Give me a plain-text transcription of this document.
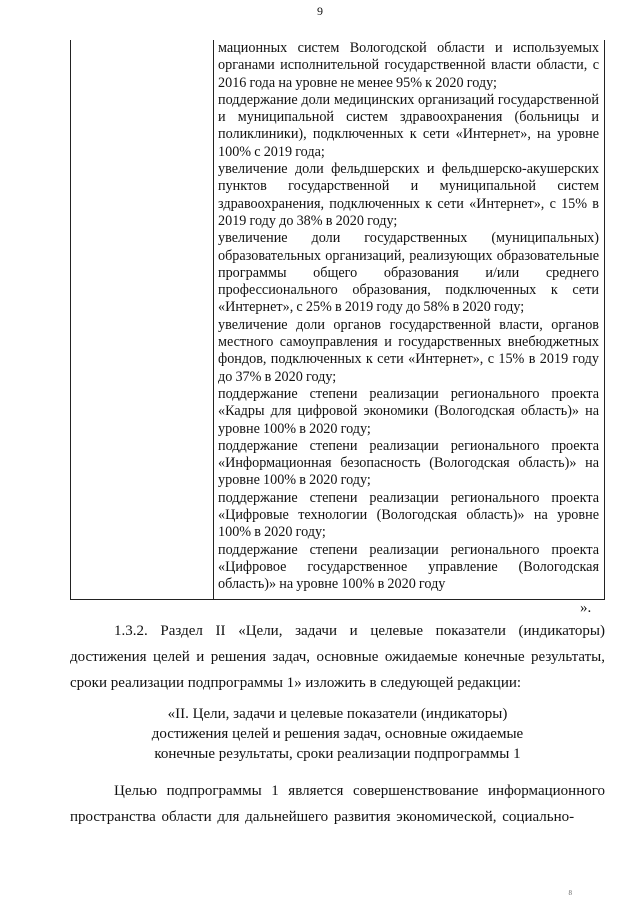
9

мационных систем Вологодской области и используемых органами исполнительной государственной власти области, с 2016 года на уровне не менее 95% к 2020 году;

поддержание доли медицинских организаций государственной и муниципальной систем здравоохранения (больницы и поликлиники), подключенных к сети «Интернет», на уровне 100% с 2019 года;

увеличение доли фельдшерских и фельдшерско-акушерских пунктов государственной и муниципальной систем здравоохранения, подключенных к сети «Интернет», с 15% в 2019 году до 38% в 2020 году;

увеличение доли государственных (муниципальных) образовательных организаций, реализующих образовательные программы общего образования и/или среднего профессионального образования, подключенных к сети «Интернет», с 25% в 2019 году до 58% в 2020 году;

увеличение доли органов государственной власти, органов местного самоуправления и государственных внебюджетных фондов, подключенных к сети «Интернет», с 15% в 2019 году до 37% в 2020 году;

поддержание степени реализации регионального проекта «Кадры для цифровой экономики (Вологодская область)» на уровне 100% в 2020 году;

поддержание степени реализации регионального проекта «Информационная безопасность (Вологодская область)» на уровне 100% в 2020 году;

поддержание степени реализации регионального проекта «Цифровые технологии (Вологодская область)» на уровне 100% в 2020 году;

поддержание степени реализации регионального проекта «Цифровое государственное управление (Вологодская область)» на уровне 100% в 2020 году

».

1.3.2. Раздел II «Цели, задачи и целевые показатели (индикаторы) достижения целей и решения задач, основные ожидаемые конечные результаты, сроки реализации подпрограммы 1» изложить в следующей редакции:

«II. Цели, задачи и целевые показатели (индикаторы)
достижения целей и решения задач, основные ожидаемые
конечные результаты, сроки реализации подпрограммы 1

Целью подпрограммы 1 является совершенствование информационного пространства области для дальнейшего развития экономической, социально-

8
